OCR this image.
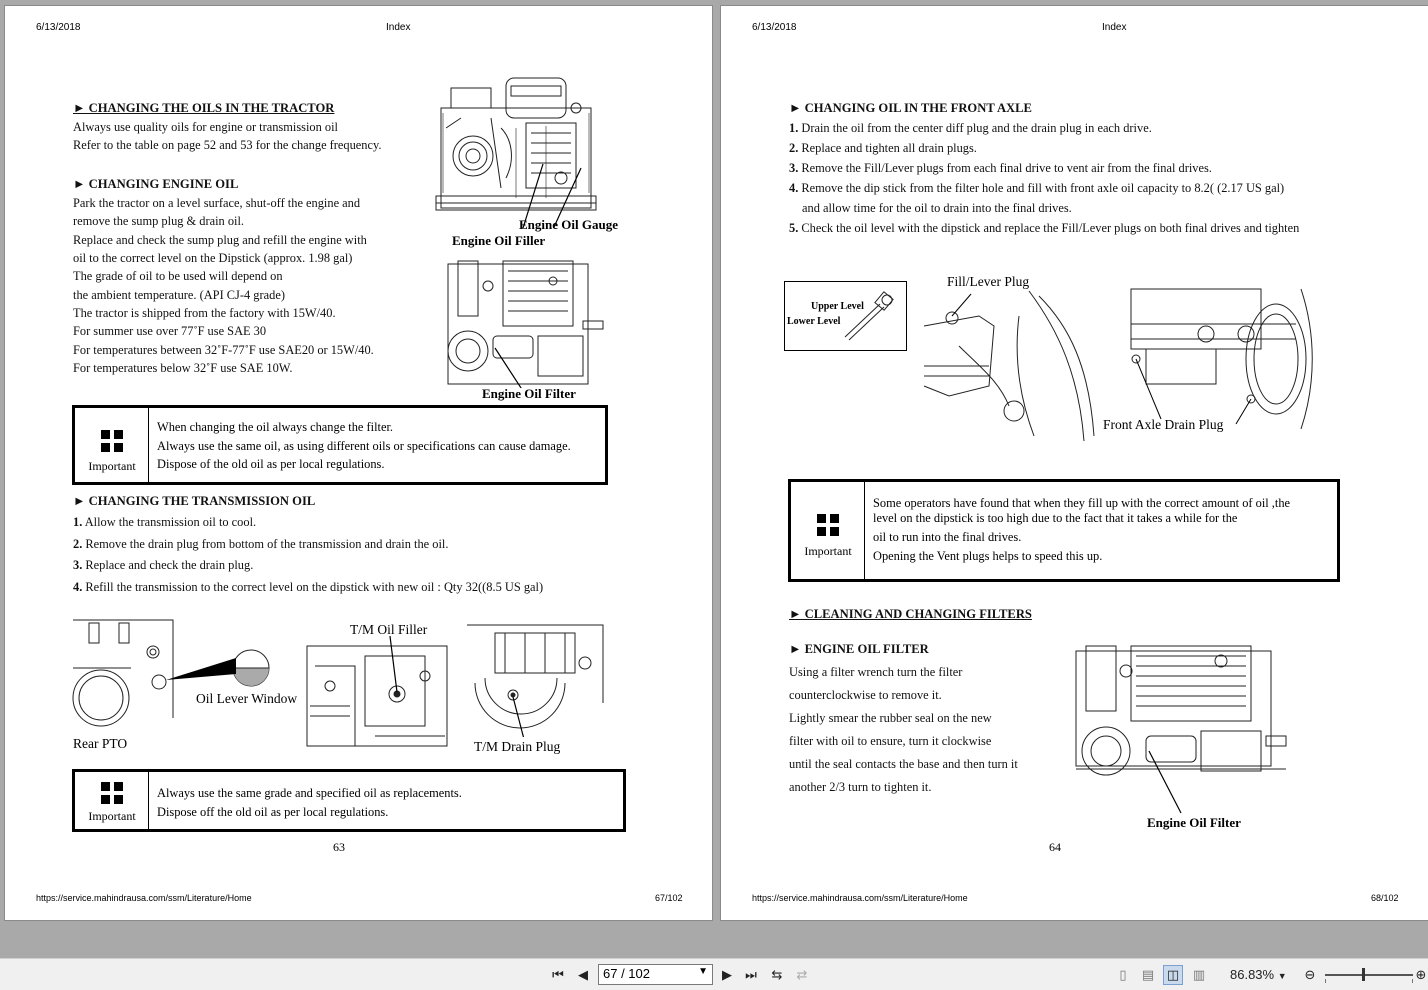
6/13/2018	Index
► CHANGING THE OILS IN THE TRACTOR
Always use quality oils for engine or transmission oil
Refer to the table on page 52 and 53 for the change frequency.
► CHANGING ENGINE OIL
Park the tractor on a level surface, shut-off the engine and
remove the sump plug & drain oil.
Replace and check the sump plug and refill the engine with
oil to the correct level on the Dipstick (approx. 1.98 gal)
The grade of oil to be used will depend on
the ambient temperature. (API CJ-4 grade)
The tractor is shipped from the factory with 15W/40.
For summer use over 77˚F use SAE 30
For temperatures between 32˚F-77˚F use SAE20 or 15W/40.
For temperatures below 32˚F use SAE 10W.
Engine Oil Gauge
Engine Oil Filler
Engine Oil Filter
Important
When changing the oil always change the filter.
Always use the same oil, as using different oils or specifications can cause damage.
Dispose of the old oil as per local regulations.
► CHANGING THE TRANSMISSION OIL
1. Allow the transmission oil to cool.
2. Remove the drain plug from bottom of the transmission and drain the oil.
3. Replace and check the drain plug.
4. Refill the transmission to the correct level on the dipstick with new oil : Qty 32((8.5 US gal)
Oil Lever Window
Rear PTO
T/M Oil Filler
T/M Drain Plug
Important
Always use the same grade and specified oil as replacements.
Dispose off the old oil as per local regulations.
63
https://service.mahindrausa.com/ssm/Literature/Home	67/102
6/13/2018	Index
► CHANGING OIL IN THE FRONT AXLE
1. Drain the oil from the center diff plug and the drain plug in each drive.
2. Replace and tighten all drain plugs.
3. Remove the Fill/Lever plugs from each final drive to vent air from the final drives.
4. Remove the dip stick from the filter hole and fill with front axle oil capacity to 8.2( (2.17 US gal)
and allow time for the oil to drain into the final drives.
5. Check the oil level with the dipstick and replace the Fill/Lever plugs on both final drives and tighten
Upper Level
Lower Level
Fill/Lever Plug
Front Axle Drain Plug
Important
Some operators have found that when they fill up with the correct amount of oil ,the
level on the dipstick is too high due to the fact that it takes a while for the
oil to run into the final drives.
Opening the Vent plugs helps to speed this up.
► CLEANING AND CHANGING FILTERS
► ENGINE OIL FILTER
Using a filter wrench turn the filter
counterclockwise to remove it.
Lightly smear the rubber seal on the new
filter with oil to ensure, turn it clockwise
until the seal contacts the base and then turn it
another 2/3 turn to tighten it.
Engine Oil Filter
64
https://service.mahindrausa.com/ssm/Literature/Home	68/102
⏮	◀	67 / 102	▼	▶	⏭	⇆	⇄	▯	▤ ◫ ▥ 86.83% ▼	⊖	⊕
